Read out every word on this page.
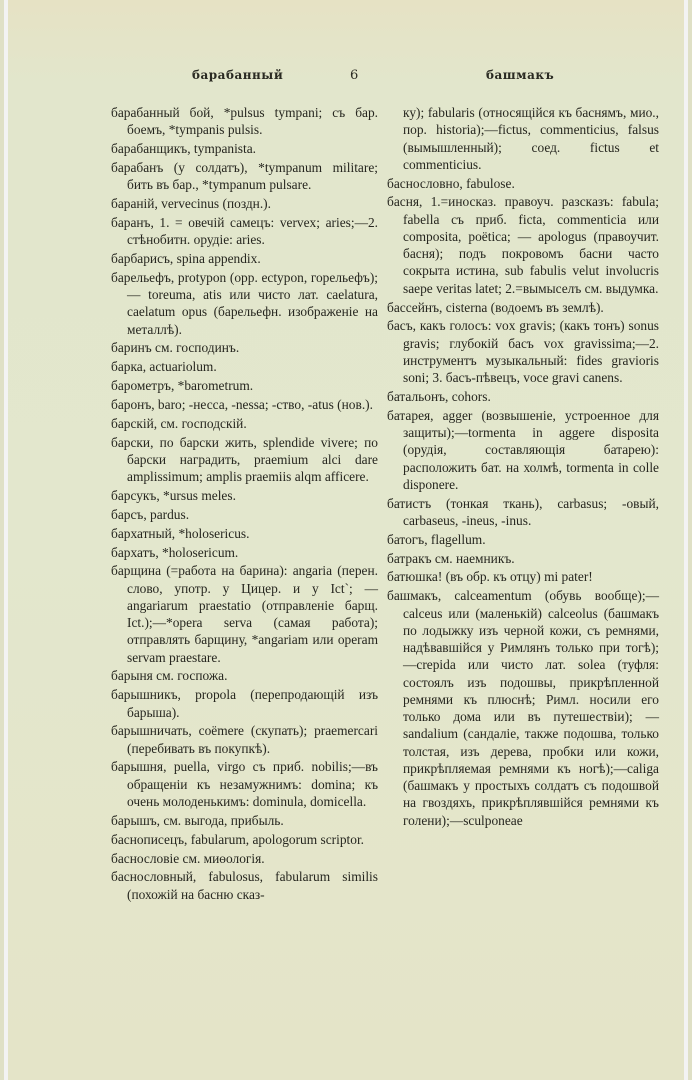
барабанный	6	башмакъ

барабанный бой, *pulsus tympani; съ бар. боемъ, *tympanis pulsis.

барабанщикъ, tympanista.

барабанъ (у солдатъ), *tympanum militare; бить въ бар., *tympanum pulsare.

бараній, vervecinus (поздн.).

баранъ, 1. = овечій самецъ: vervex; aries;—2. стѣнобитн. орудіе: aries.

барбарисъ, spina appendix.

барельефъ, protypon (opp. ectypon, горельефъ); — toreuma, atis или чисто лат. caelatura, caelatum opus (барельефн. изображеніе на металлѣ).

баринъ см. господинъ.

барка, actuariolum.

барометръ, *barometrum.

баронъ, baro; -несса, -nessa; -ство, -atus (нов.).

барскій, см. господскій.

барски, по барски жить, splendide vivere; по барски наградить, praemium alci dare amplissimum; amplis praemiis alqm afficere.

барсукъ, *ursus meles.

барсъ, pardus.

бархатный, *holosericus.

бархатъ, *holosericum.

барщина (=работа на барина): angaria (перен. слово, употр. у Цицер. и у Ict`; — angariarum praestatio (отправленіе барщ. Ict.);—*opera serva (самая работа); отправлять барщину, *angariam или operam servam praestare.

барыня см. госпожа.

барышникъ, propola (перепродающій изъ барыша).

барышничать, coëmere (скупать); praemercari (перебивать въ покупкѣ).

барышня, puella, virgo съ приб. nobilis;—въ обращеніи къ незамужнимъ: domina; къ очень молоденькимъ: dominula, domicella.

барышъ, см. выгода, прибыль.

баснописецъ, fabularum, apologorum scriptor.

баснословіе см. миѳологія.

баснословный, fabulosus, fabularum similis (похожій на басню сказ-

ку); fabularis (относящійся къ баснямъ, мио., пор. historia);—fictus, commenticius, falsus (вымышленный); соед. fictus et commenticius.

баснословно, fabulose.

басня, 1.=иносказ. правоуч. разсказъ: fabula; fabella съ приб. ficta, commenticia или composita, poëtica; — apologus (правоучит. басня); подъ покровомъ басни часто сокрыта истина, sub fabulis velut involucris saepe veritas latet; 2.=вымыселъ см. выдумка.

бассейнъ, cisterna (водоемъ въ землѣ).

басъ, какъ голосъ: vox gravis; (какъ тонъ) sonus gravis; глубокій басъ vox gravissima;—2. инструментъ музыкальный: fides gravioris soni; 3. басъ-пѣвецъ, voce gravi canens.

батальонъ, cohors.

батарея, agger (возвышеніе, устроенное для защиты);—tormenta in aggere disposita (орудія, составляющія батарею): расположить бат. на холмѣ, tormenta in colle disponere.

батистъ (тонкая ткань), carbasus; -овый, carbaseus, -ineus, -inus.

батогъ, flagellum.

батракъ см. наемникъ.

батюшка! (въ обр. къ отцу) mi pater!

башмакъ, calceamentum (обувь вообще);—calceus или (маленькій) calceolus (башмакъ по лодыжку изъ черной кожи, съ ремнями, надѣвавшійся у Римлянъ только при тогѣ);—crepida или чисто лат. solea (туфля: состоялъ изъ подошвы, прикрѣпленной ремнями къ плюснѣ; Римл. носили его только дома или въ путешествіи); — sandalium (сандаліе, также подошва, только толстая, изъ дерева, пробки или кожи, прикрѣпляемая ремнями къ ногѣ);—caliga (башмакъ у простыхъ солдатъ съ подошвой на гвоздяхъ, прикрѣплявшійся ремнями къ голени);—sculponeae
